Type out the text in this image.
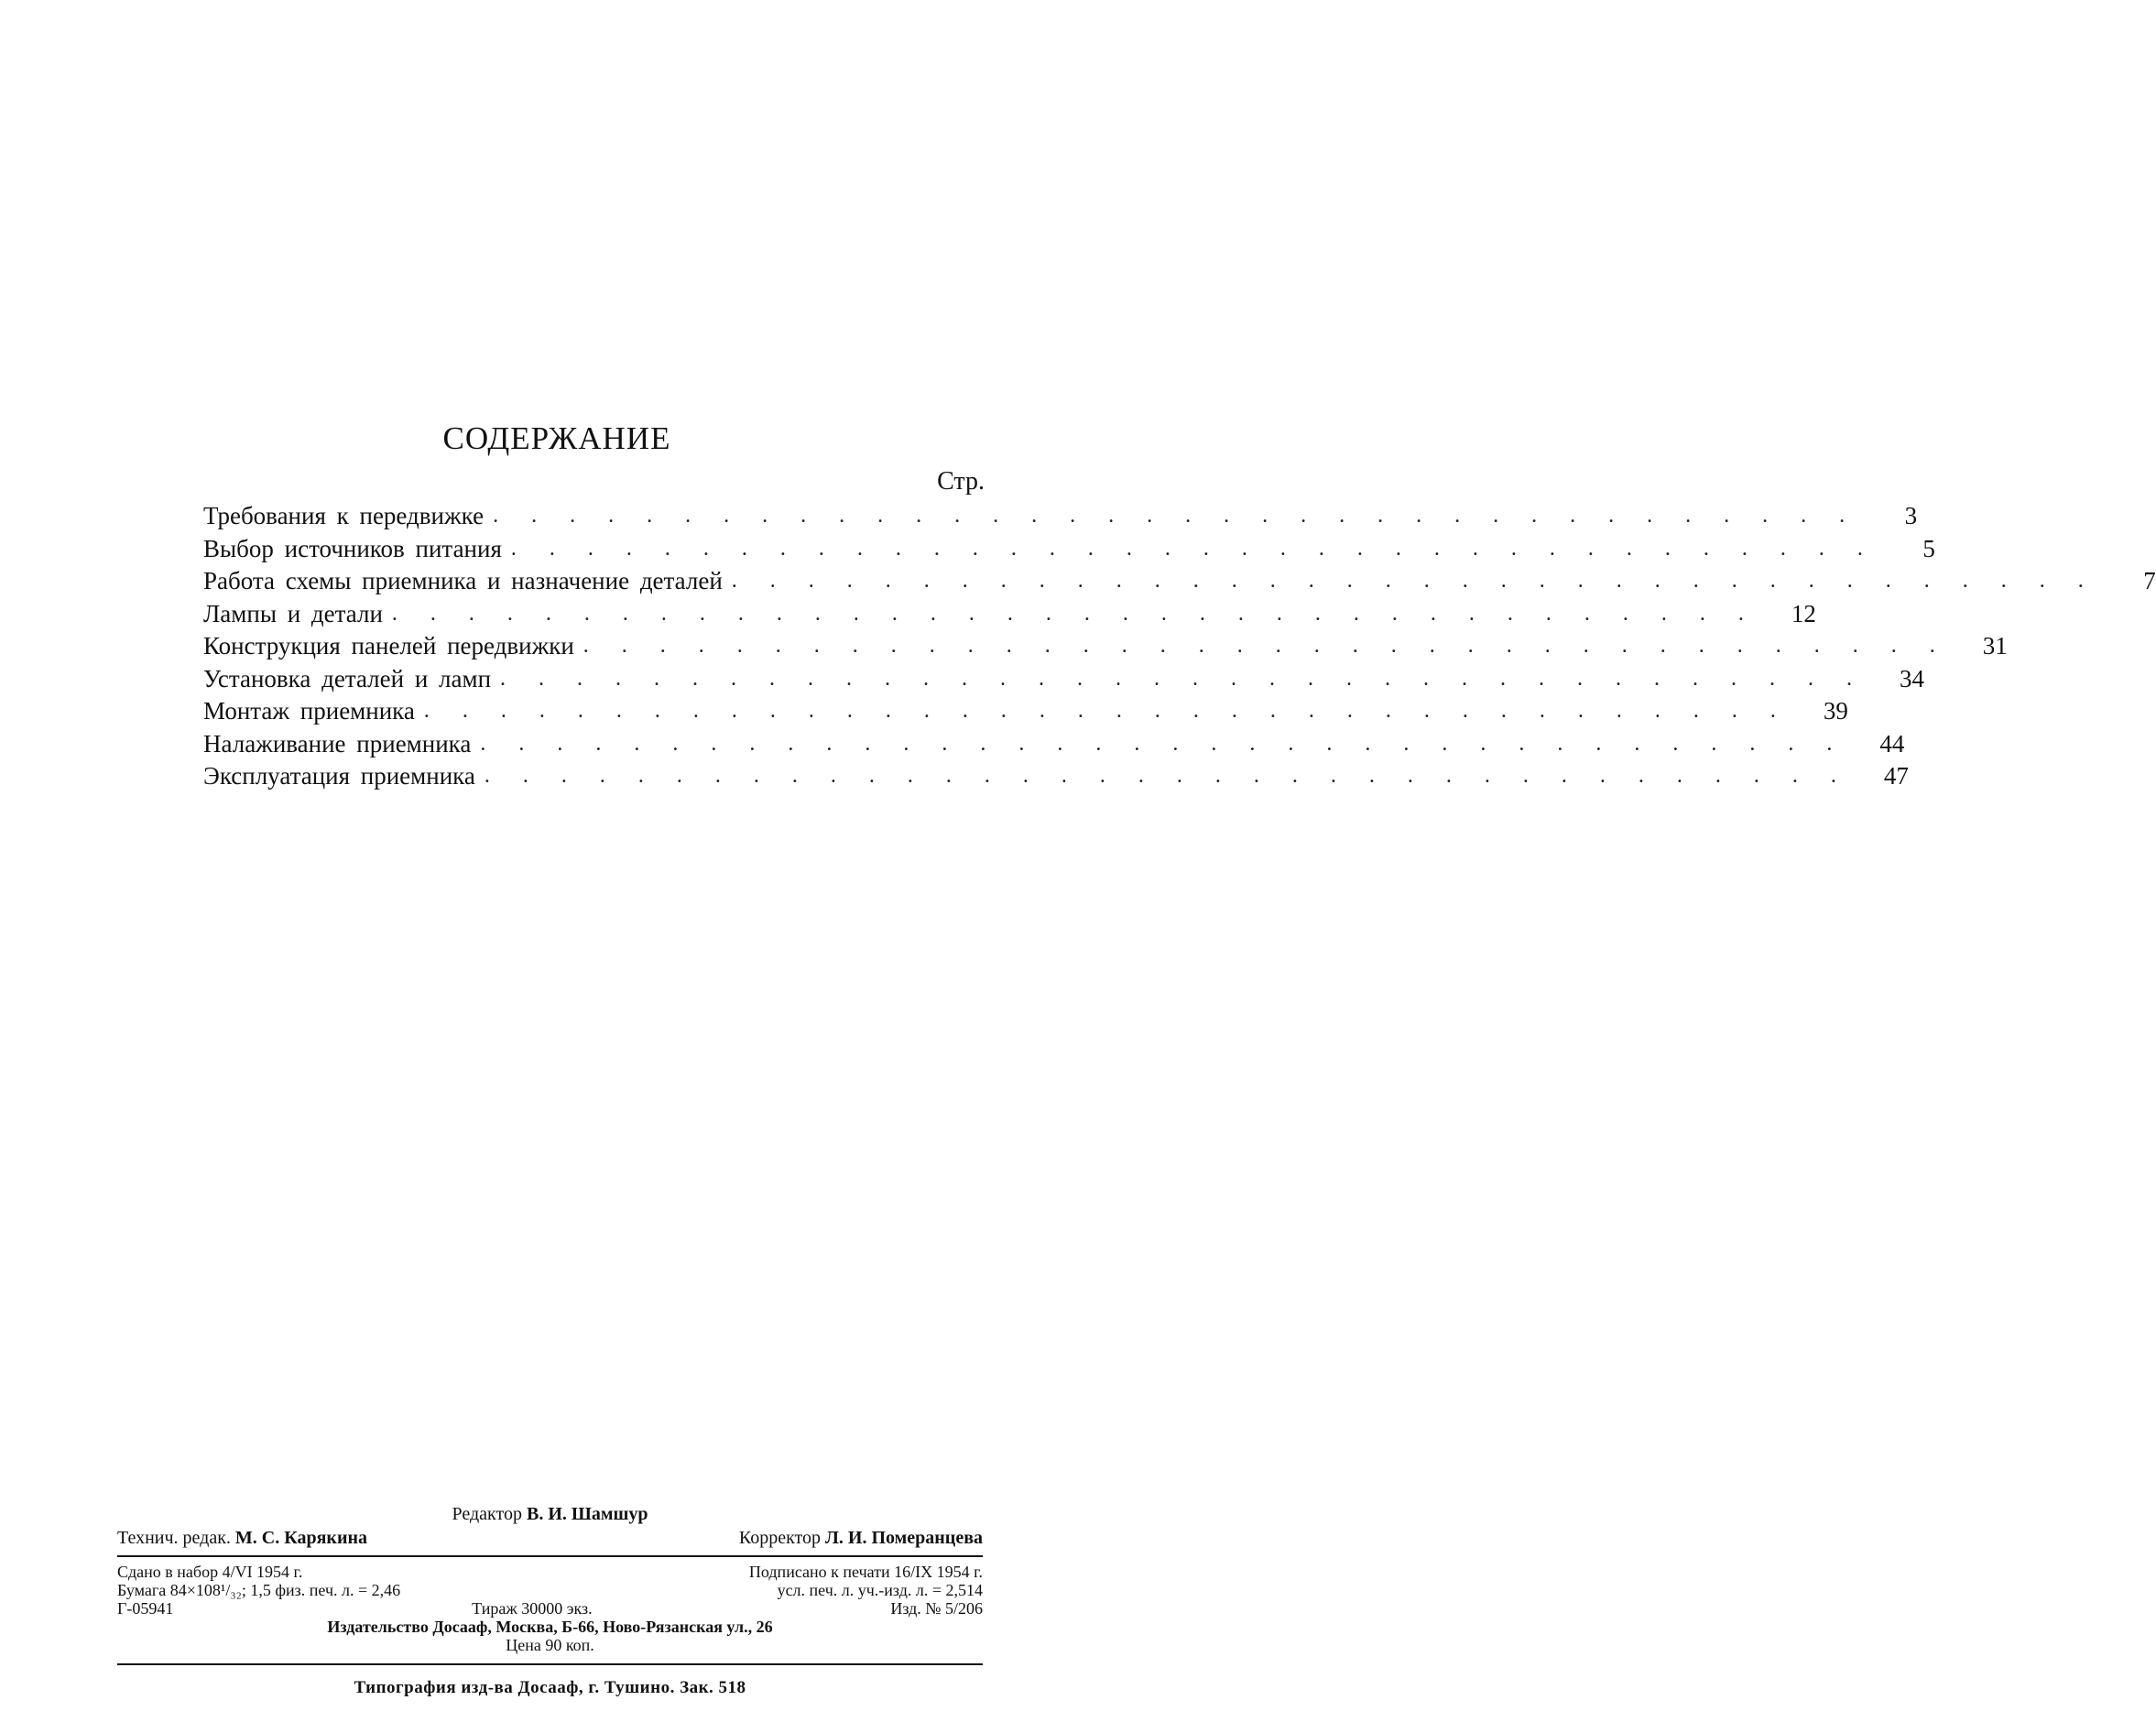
СОДЕРЖАНИЕ
Стр.
Требования к передвижке . . . . . . . . . . . . . . . . . . . . . . . . . . . . . . . . . . . .	3
Выбор источников питания . . . . . . . . . . . . . . . . . . . . . . . . . . . . . . . . . . . .	5
Работа схемы приемника и назначение деталей . . . . . . . . . . . . . . . . . . . . . . . . . . . . . . . . . . . .	7
Лампы и детали . . . . . . . . . . . . . . . . . . . . . . . . . . . . . . . . . . . .	12
Конструкция панелей передвижки . . . . . . . . . . . . . . . . . . . . . . . . . . . . . . . . . . . .	31
Установка деталей и ламп . . . . . . . . . . . . . . . . . . . . . . . . . . . . . . . . . . . .	34
Монтаж приемника . . . . . . . . . . . . . . . . . . . . . . . . . . . . . . . . . . . .	39
Налаживание приемника . . . . . . . . . . . . . . . . . . . . . . . . . . . . . . . . . . . .	44
Эксплуатация приемника . . . . . . . . . . . . . . . . . . . . . . . . . . . . . . . . . . . .	47
Редактор В. И. Шамшур
Технич. редак. М. С. Карякина	Корректор Л. И. Померанцева
Сдано в набор 4/VI 1954 г.	Подписано к печати 16/IX 1954 г.
Бумага 84×108¹/₃₂; 1,5 физ. печ. л. = 2,46	усл. печ. л. уч.-изд. л. = 2,514
Г-05941	Тираж 30000 экз.	Изд. № 5/206
Издательство Досааф, Москва, Б-66, Ново-Рязанская ул., 26
Цена 90 коп.
Типография изд-ва Досааф, г. Тушино. Зак. 518
